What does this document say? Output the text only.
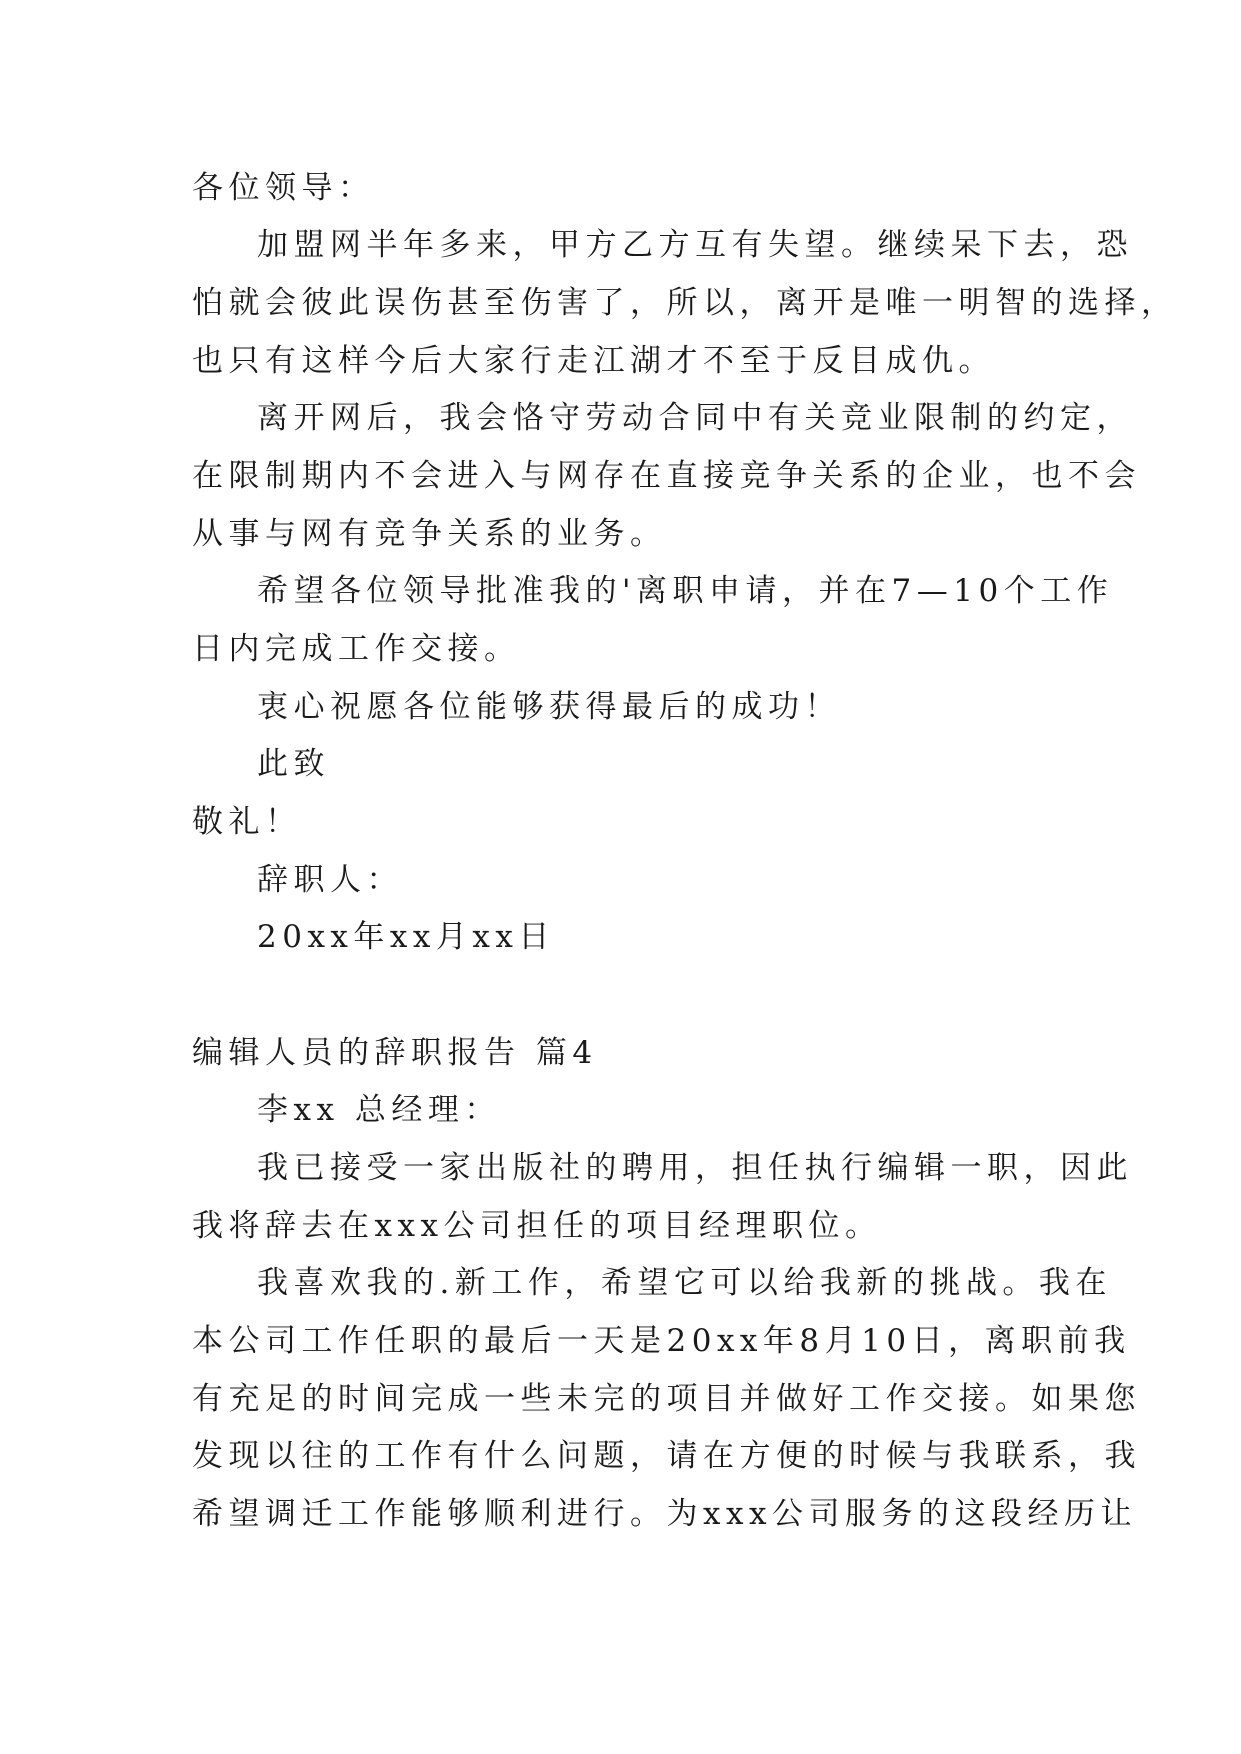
各位领导：
加盟网半年多来，甲方乙方互有失望。继续呆下去，恐
怕就会彼此误伤甚至伤害了，所以，离开是唯一明智的选择，
也只有这样今后大家行走江湖才不至于反目成仇。
离开网后，我会恪守劳动合同中有关竞业限制的约定，
在限制期内不会进入与网存在直接竞争关系的企业，也不会
从事与网有竞争关系的业务。
希望各位领导批准我的'离职申请，并在7—10个工作
日内完成工作交接。
衷心祝愿各位能够获得最后的成功！
此致
敬礼！
辞职人：
20xx年xx月xx日
编辑人员的辞职报告 篇4
李xx 总经理：
我已接受一家出版社的聘用，担任执行编辑一职，因此
我将辞去在xxx公司担任的项目经理职位。
我喜欢我的.新工作，希望它可以给我新的挑战。我在
本公司工作任职的最后一天是20xx年8月10日，离职前我
有充足的时间完成一些未完的项目并做好工作交接。如果您
发现以往的工作有什么问题，请在方便的时候与我联系，我
希望调迁工作能够顺利进行。为xxx公司服务的这段经历让
